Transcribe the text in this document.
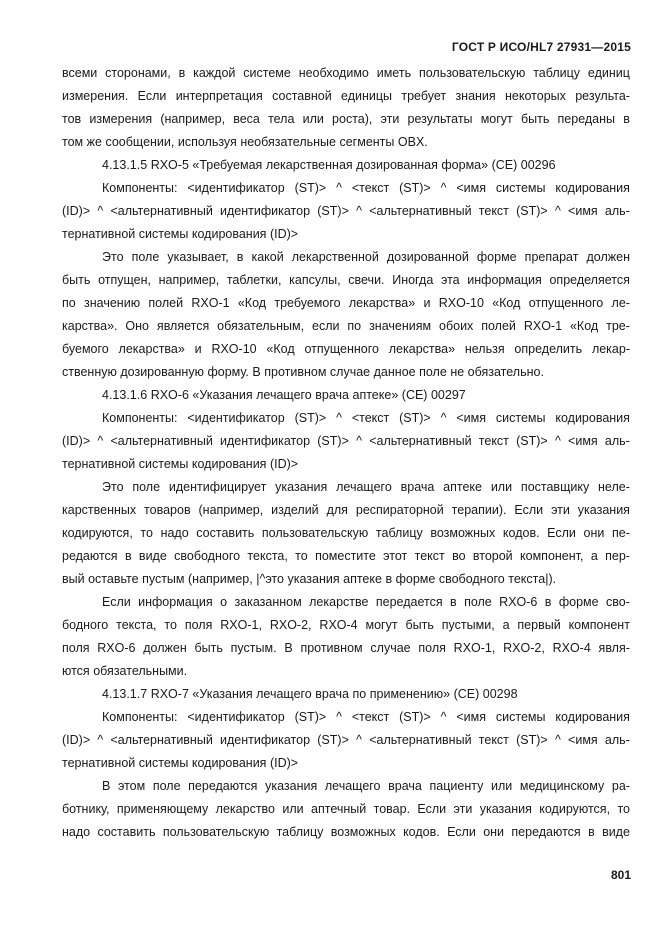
ГОСТ Р ИСО/HL7 27931—2015
всеми сторонами, в каждой системе необходимо иметь пользовательскую таблицу единиц
измерения. Если интерпретация составной единицы требует знания некоторых результа-
тов измерения (например, веса тела или роста), эти результаты могут быть переданы в
том же сообщении, используя необязательные сегменты OBX.
4.13.1.5 RXO-5 «Требуемая лекарственная дозированная форма» (CE) 00296
Компоненты: <идентификатор (ST)> ^ <текст (ST)> ^ <имя системы кодирования
(ID)> ^ <альтернативный идентификатор (ST)> ^ <альтернативный текст (ST)> ^ <имя аль-
тернативной системы кодирования (ID)>
Это поле указывает, в какой лекарственной дозированной форме препарат должен
быть отпущен, например, таблетки, капсулы, свечи. Иногда эта информация определяется
по значению полей RXO-1 «Код требуемого лекарства» и RXO-10 «Код отпущенного ле-
карства». Оно является обязательным, если по значениям обоих полей RXO-1 «Код тре-
буемого лекарства» и RXO-10 «Код отпущенного лекарства» нельзя определить лекар-
ственную дозированную форму. В противном случае данное поле не обязательно.
4.13.1.6 RXO-6 «Указания лечащего врача аптеке» (CE) 00297
Компоненты: <идентификатор (ST)> ^ <текст (ST)> ^ <имя системы кодирования
(ID)> ^ <альтернативный идентификатор (ST)> ^ <альтернативный текст (ST)> ^ <имя аль-
тернативной системы кодирования (ID)>
Это поле идентифицирует указания лечащего врача аптеке или поставщику неле-
карственных товаров (например, изделий для респираторной терапии). Если эти указания
кодируются, то надо составить пользовательскую таблицу возможных кодов. Если они пе-
редаются в виде свободного текста, то поместите этот текст во второй компонент, а пер-
вый оставьте пустым (например, |^это указания аптеке в форме свободного текста|).
Если информация о заказанном лекарстве передается в поле RXO-6 в форме сво-
бодного текста, то поля RXO-1, RXO-2, RXO-4 могут быть пустыми, а первый компонент
поля RXO-6 должен быть пустым. В противном случае поля RXO-1, RXO-2, RXO-4 явля-
ются обязательными.
4.13.1.7 RXO-7 «Указания лечащего врача по применению» (CE) 00298
Компоненты: <идентификатор (ST)> ^ <текст (ST)> ^ <имя системы кодирования
(ID)> ^ <альтернативный идентификатор (ST)> ^ <альтернативный текст (ST)> ^ <имя аль-
тернативной системы кодирования (ID)>
В этом поле передаются указания лечащего врача пациенту или медицинскому ра-
ботнику, применяющему лекарство или аптечный товар. Если эти указания кодируются, то
надо составить пользовательскую таблицу возможных кодов. Если они передаются в виде
801
